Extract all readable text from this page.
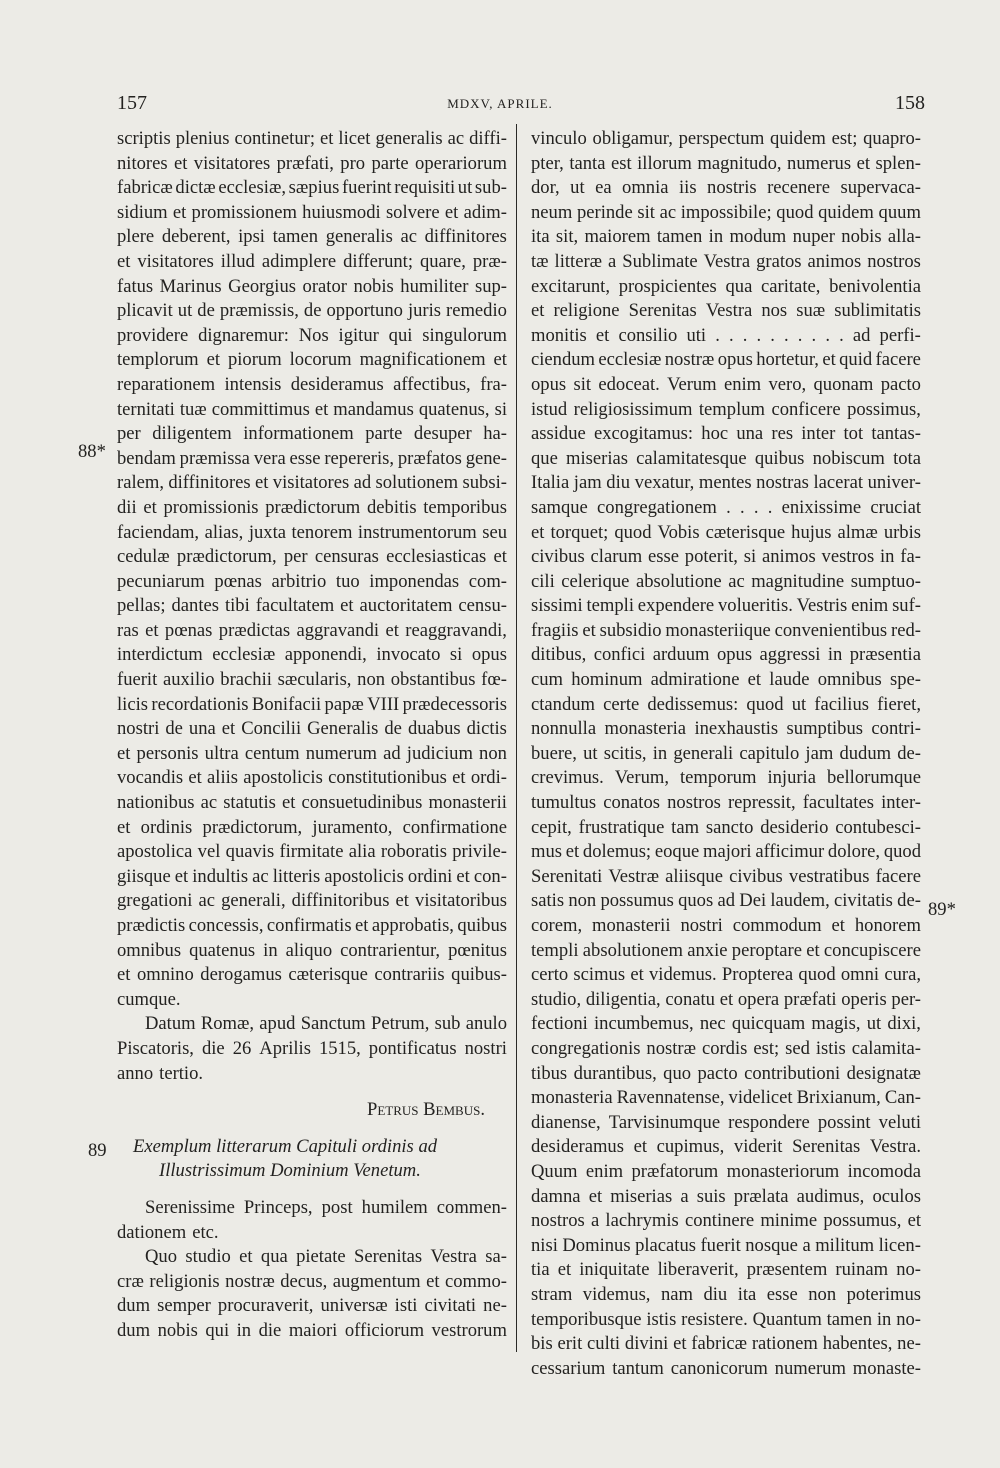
157	MDXV, APRILE.	158
scriptis plenius continetur; et licet generalis ac diffi-
nitores et visitatores præfati, pro parte operariorum
fabricæ dictæ ecclesiæ, sæpius fuerint requisiti ut sub-
sidium et promissionem huiusmodi solvere et adim-
plere deberent, ipsi tamen generalis ac diffinitores
et visitatores illud adimplere differunt; quare, præ-
fatus Marinus Georgius orator nobis humiliter sup-
plicavit ut de præmissis, de opportuno juris remedio
providere dignaremur: Nos igitur qui singulorum
templorum et piorum locorum magnificationem et
reparationem intensis desideramus affectibus, fra-
ternitati tuæ committimus et mandamus quatenus, si
per diligentem informationem parte desuper ha-
bendam præmissa vera esse repereris, præfatos gene-
ralem, diffinitores et visitatores ad solutionem subsi-
dii et promissionis prædictorum debitis temporibus
faciendam, alias, juxta tenorem instrumentorum seu
cedulæ prædictorum, per censuras ecclesiasticas et
pecuniarum pœnas arbitrio tuo imponendas com-
pellas; dantes tibi facultatem et auctoritatem censu-
ras et pœnas prædictas aggravandi et reaggravandi,
interdictum ecclesiæ apponendi, invocato si opus
fuerit auxilio brachii sæcularis, non obstantibus fœ-
licis recordationis Bonifacii papæ VIII prædecessoris
nostri de una et Concilii Generalis de duabus dictis
et personis ultra centum numerum ad judicium non
vocandis et aliis apostolicis constitutionibus et ordi-
nationibus ac statutis et consuetudinibus monasterii
et ordinis prædictorum, juramento, confirmatione
apostolica vel quavis firmitate alia roboratis privile-
giisque et indultis ac litteris apostolicis ordini et con-
gregationi ac generali, diffinitoribus et visitatoribus
prædictis concessis, confirmatis et approbatis, quibus
omnibus quatenus in aliquo contrarientur, pœnitus
et omnino derogamus cæterisque contrariis quibus-
cumque.
Datum Romæ, apud Sanctum Petrum, sub anulo
Piscatoris, die 26 Aprilis 1515, pontificatus nostri
anno tertio.
Petrus Bembus.
Exemplum litterarum Capituli ordinis ad
Illustrissimum Dominium Venetum.
Serenissime Princeps, post humilem commen-
dationem etc.
Quo studio et qua pietate Serenitas Vestra sa-
cræ religionis nostræ decus, augmentum et commo-
dum semper procuraverit, universæ isti civitati ne-
dum nobis qui in die maiori officiorum vestrorum
vinculo obligamur, perspectum quidem est; quapro-
pter, tanta est illorum magnitudo, numerus et splen-
dor, ut ea omnia iis nostris recenere supervaca-
neum perinde sit ac impossibile; quod quidem quum
ita sit, maiorem tamen in modum nuper nobis alla-
tæ litteræ a Sublimate Vestra gratos animos nostros
excitarunt, prospicientes qua caritate, benivolentia
et religione Serenitas Vestra nos suæ sublimitatis
monitis et consilio uti . . . . . . . . . . ad perfi-
ciendum ecclesiæ nostræ opus hortetur, et quid facere
opus sit edoceat. Verum enim vero, quonam pacto
istud religiosissimum templum conficere possimus,
assidue excogitamus: hoc una res inter tot tantas-
que miserias calamitatesque quibus nobiscum tota
Italia jam diu vexatur, mentes nostras lacerat univer-
samque congregationem . . . . enixissime cruciat
et torquet; quod Vobis cæterisque hujus almæ urbis
civibus clarum esse poterit, si animos vestros in fa-
cili celerique absolutione ac magnitudine sumptuo-
sissimi templi expendere volueritis. Vestris enim suf-
fragiis et subsidio monasteriique convenientibus red-
ditibus, confici arduum opus aggressi in præsentia
cum hominum admiratione et laude omnibus spe-
ctandum certe dedissemus: quod ut facilius fieret,
nonnulla monasteria inexhaustis sumptibus contri-
buere, ut scitis, in generali capitulo jam dudum de-
crevimus. Verum, temporum injuria bellorumque
tumultus conatos nostros repressit, facultates inter-
cepit, frustratique tam sancto desiderio contubesci-
mus et dolemus; eoque majori afficimur dolore, quod
Serenitati Vestræ aliisque civibus vestratibus facere
satis non possumus quos ad Dei laudem, civitatis de-
corem, monasterii nostri commodum et honorem
templi absolutionem anxie peroptare et concupiscere
certo scimus et videmus. Propterea quod omni cura,
studio, diligentia, conatu et opera præfati operis per-
fectioni incumbemus, nec quicquam magis, ut dixi,
congregationis nostræ cordis est; sed istis calamita-
tibus durantibus, quo pacto contributioni designatæ
monasteria Ravennatense, videlicet Brixianum, Can-
dianense, Tarvisinumque respondere possint veluti
desideramus et cupimus, viderit Serenitas Vestra.
Quum enim præfatorum monasteriorum incomoda
damna et miserias a suis prælata audimus, oculos
nostros a lachrymis continere minime possumus, et
nisi Dominus placatus fuerit nosque a militum licen-
tia et iniquitate liberaverit, præsentem ruinam no-
stram videmus, nam diu ita esse non poterimus
temporibusque istis resistere. Quantum tamen in no-
bis erit culti divini et fabricæ rationem habentes, ne-
cessarium tantum canonicorum numerum monaste-
88*
89*
89
